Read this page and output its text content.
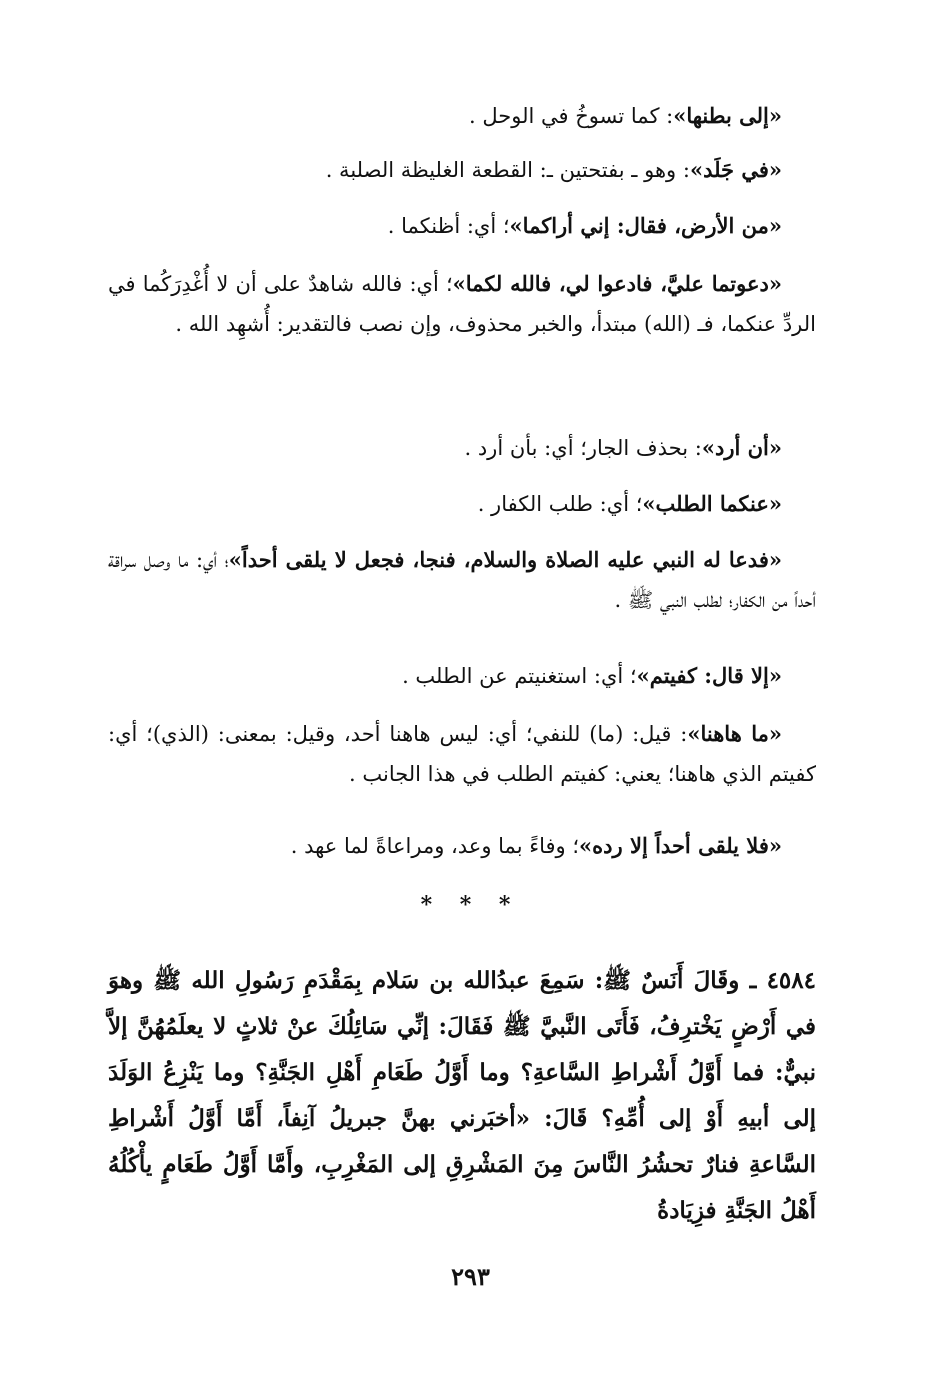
«إلى بطنها»: كما تسوخُ في الوحل .
«في جَلَد»: وهو ـ بفتحتين ـ: القطعة الغليظة الصلبة .
«من الأرض، فقال: إني أراكما»؛ أي: أظنكما .
«دعوتما عليَّ، فادعوا لي، فالله لكما»؛ أي: فالله شاهدٌ على أن لا أُغْدِرَكُما في الردِّ عنكما، فـ (الله) مبتدأ، والخبر محذوف، وإن نصب فالتقدير: أُشهِد الله .
«أن أرد»: بحذف الجار؛ أي: بأن أرد .
«عنكما الطلب»؛ أي: طلب الكفار .
«فدعا له النبي عليه الصلاة والسلام، فنجا، فجعل لا يلقى أحداً»؛ أي: ما وصل سراقة أحداً من الكفار؛ لطلب النبي ﷺ .
«إلا قال: كفيتم»؛ أي: استغنيتم عن الطلب .
«ما هاهنا»: قيل: (ما) للنفي؛ أي: ليس هاهنا أحد، وقيل: بمعنى: (الذي)؛ أي: كفيتم الذي هاهنا؛ يعني: كفيتم الطلب في هذا الجانب .
«فلا يلقى أحداً إلا رده»؛ وفاءً بما وعد، ومراعاةً لما عهد .
* * *
٤٥٨٤ ـ وقَالَ أَنَسٌ ﷺ: سَمِعَ عبدُالله بن سَلام بِمَقْدَمِ رَسُولِ الله ﷺ وهوَ في أَرْضٍ يَخْترِفُ، فَأَتَى النَّبيَّ ﷺ فَقَالَ: إنِّي سَائِلُكَ عنْ ثلاثٍ لا يعلَمُهُنَّ إلاَّ نبيٌّ: فما أَوَّلُ أَشْراطِ السَّاعةِ؟ وما أَوَّلُ طَعَامِ أَهْلِ الجَنَّةِ؟ وما يَنْزِعُ الوَلَدَ إلى أبيهِ أَوْ إلى أُمِّهِ؟ قَالَ: «أخبَرني بهنَّ جبريلُ آنِفاً، أَمَّا أَوَّلُ أَشْراطِ السَّاعةِ فنارٌ تحشُرُ النَّاسَ مِنَ المَشْرِقِ إلى المَغْرِبِ، وأَمَّا أَوَّلُ طَعَامٍ يأْكُلُهُ أَهْلُ الجَنَّةِ فزِيَادةُ
٢٩٣
